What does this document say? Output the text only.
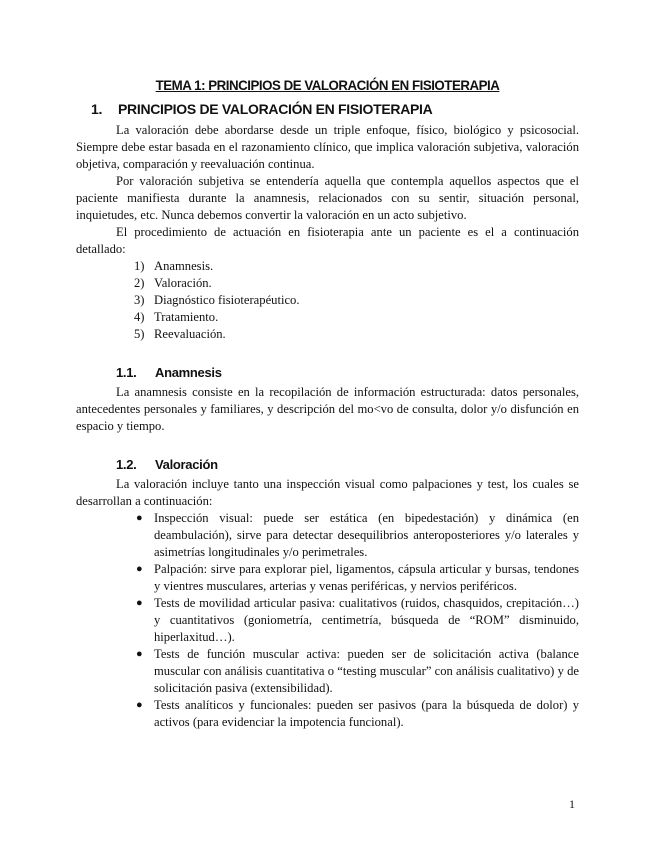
TEMA 1: PRINCIPIOS DE VALORACIÓN EN FISIOTERAPIA
1. PRINCIPIOS DE VALORACIÓN EN FISIOTERAPIA

La valoración debe abordarse desde un triple enfoque, físico, biológico y psicosocial. Siempre debe estar basada en el razonamiento clínico, que implica valoración subjetiva, valoración objetiva, comparación y reevaluación continua.

Por valoración subjetiva se entendería aquella que contempla aquellos aspectos que el paciente manifiesta durante la anamnesis, relacionados con su sentir, situación personal, inquietudes, etc. Nunca debemos convertir la valoración en un acto subjetivo.

El procedimiento de actuación en fisioterapia ante un paciente es el a continuación detallado:

1) Anamnesis.
2) Valoración.
3) Diagnóstico fisioterapéutico.
4) Tratamiento.
5) Reevaluación.
1.1. Anamnesis

La anamnesis consiste en la recopilación de información estructurada: datos personales, antecedentes personales y familiares, y descripción del mo<vo de consulta, dolor y/o disfunción en espacio y tiempo.

1.2. Valoración

La valoración incluye tanto una inspección visual como palpaciones y test, los cuales se desarrollan a continuación:

● Inspección visual: puede ser estática (en bipedestación) y dinámica (en deambulación), sirve para detectar desequilibrios anteroposteriores y/o laterales y asimetrías longitudinales y/o perimetrales.
● Palpación: sirve para explorar piel, ligamentos, cápsula articular y bursas, tendones y vientres musculares, arterias y venas periféricas, y nervios periféricos.
● Tests de movilidad articular pasiva: cualitativos (ruidos, chasquidos, crepitación…) y cuantitativos (goniometría, centimetría, búsqueda de “ROM” disminuido, hiperlaxitud…).
● Tests de función muscular activa: pueden ser de solicitación activa (balance muscular con análisis cuantitativa o “testing muscular” con análisis cualitativo) y de solicitación pasiva (extensibilidad).
● Tests analíticos y funcionales: pueden ser pasivos (para la búsqueda de dolor) y activos (para evidenciar la impotencia funcional).
1
